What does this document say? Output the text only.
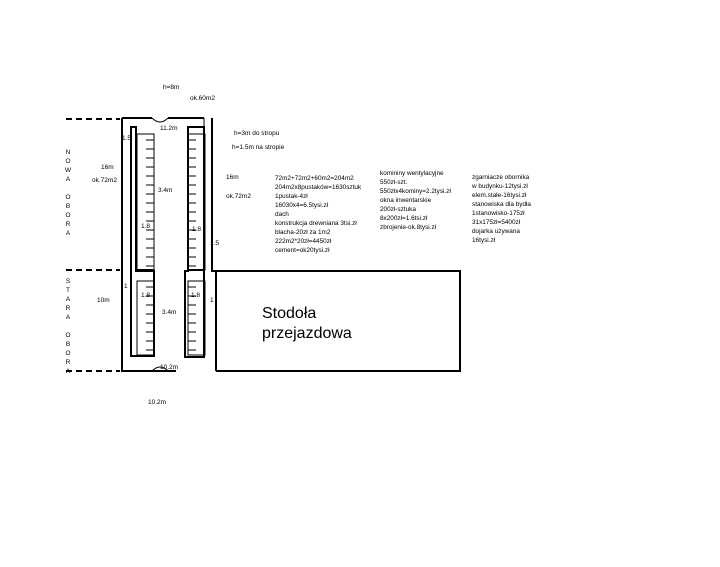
N
O
W
A

O
B
O
R
A
S
T
A
R
A

O
B
O
R
A
h=8m
ok.60m2
11.2m
h=3m do stropu
h=1.5m na stropie
16m
ok.72m2	16m
ok.72m2
10m
10.2m
10.2m
3.4m
3.4m
1.8	1.8
1.8	1.8
1.5
1
1.5
1
Stodoła
przejazdowa
72m2+72m2+60m2=204m2
204m2x8pustaków=1630sztuk
1pustak-4zł
16030x4=6.5tysi.zł
dach
konstrukcja drewniana 3tsi.zł
blacha-20zł za 1m2
222m2*20zł=4450zł
cement=ok20tysi.zł
komininy wentylacyjne
550zł-szt.
550złx4kominy=2.2tysi.zł
okna inwentarskie
200zł-sztuka
8x200zł=1.6tsi.zł
zbrojenie-ok.8tysi.zł
zgarniacze obornika
w budynku-12tysi.zł
elem.stałe-16tysi.zł
stanowiska dla bydła
1stanowisko-175zł
31x175zł=5400zł
dojarka używana
16tysi.zł
